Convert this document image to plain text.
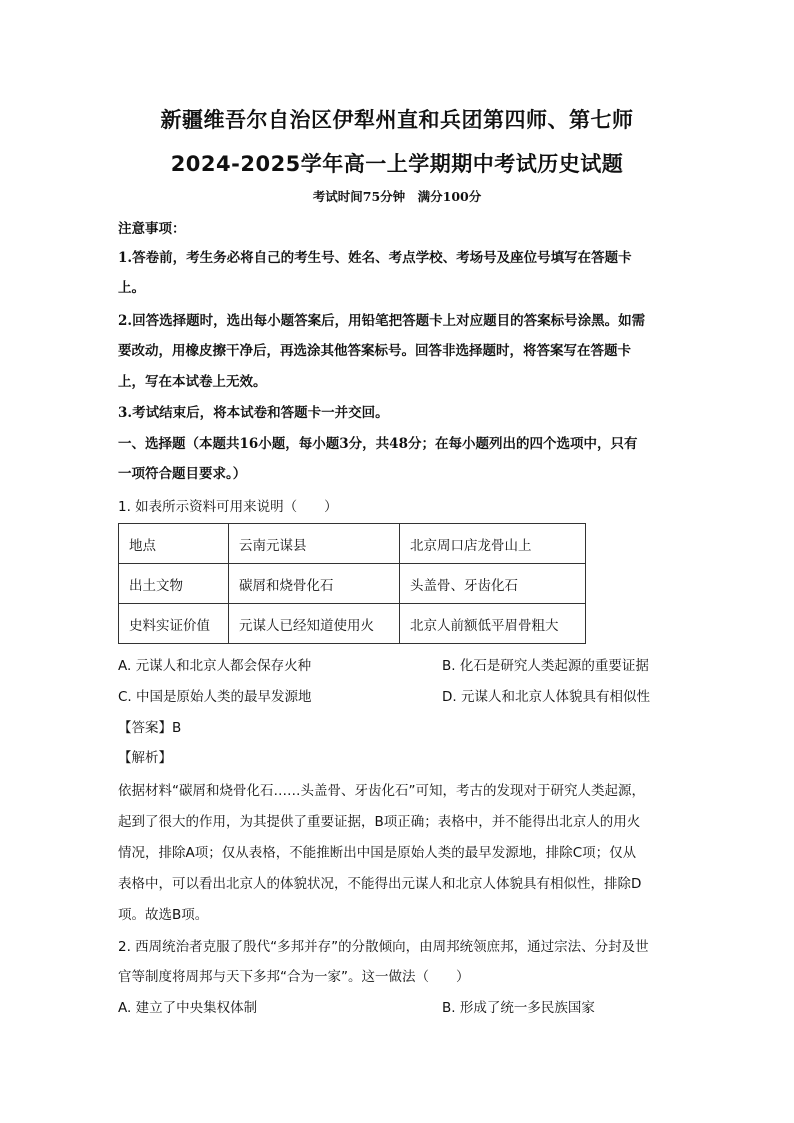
新疆维吾尔自治区伊犁州直和兵团第四师、第七师
2024-2025学年高一上学期期中考试历史试题
考试时间75分钟　满分100分
注意事项：
1.答卷前，考生务必将自己的考生号、姓名、考点学校、考场号及座位号填写在答题卡
上。
2.回答选择题时，选出每小题答案后，用铅笔把答题卡上对应题目的答案标号涂黑。如需
要改动，用橡皮擦干净后，再选涂其他答案标号。回答非选择题时，将答案写在答题卡
上，写在本试卷上无效。
3.考试结束后，将本试卷和答题卡一并交回。
一、选择题（本题共16小题，每小题3分，共48分；在每小题列出的四个选项中，只有
一项符合题目要求。）
1. 如表所示资料可用来说明（　　）
地点	云南元谋县	北京周口店龙骨山上
出土文物	碳屑和烧骨化石	头盖骨、牙齿化石
史料实证价值	元谋人已经知道使用火	北京人前额低平眉骨粗大
A. 元谋人和北京人都会保存火种	B. 化石是研究人类起源的重要证据
C. 中国是原始人类的最早发源地	D. 元谋人和北京人体貌具有相似性
【答案】B
【解析】
依据材料“碳屑和烧骨化石……头盖骨、牙齿化石”可知，考古的发现对于研究人类起源，
起到了很大的作用，为其提供了重要证据，B项正确；表格中，并不能得出北京人的用火
情况，排除A项；仅从表格，不能推断出中国是原始人类的最早发源地，排除C项；仅从
表格中，可以看出北京人的体貌状况，不能得出元谋人和北京人体貌具有相似性，排除D
项。故选B项。
2. 西周统治者克服了殷代“多邦并存”的分散倾向，由周邦统领庶邦，通过宗法、分封及世
官等制度将周邦与天下多邦“合为一家”。这一做法（　　）
A. 建立了中央集权体制	B. 形成了统一多民族国家
